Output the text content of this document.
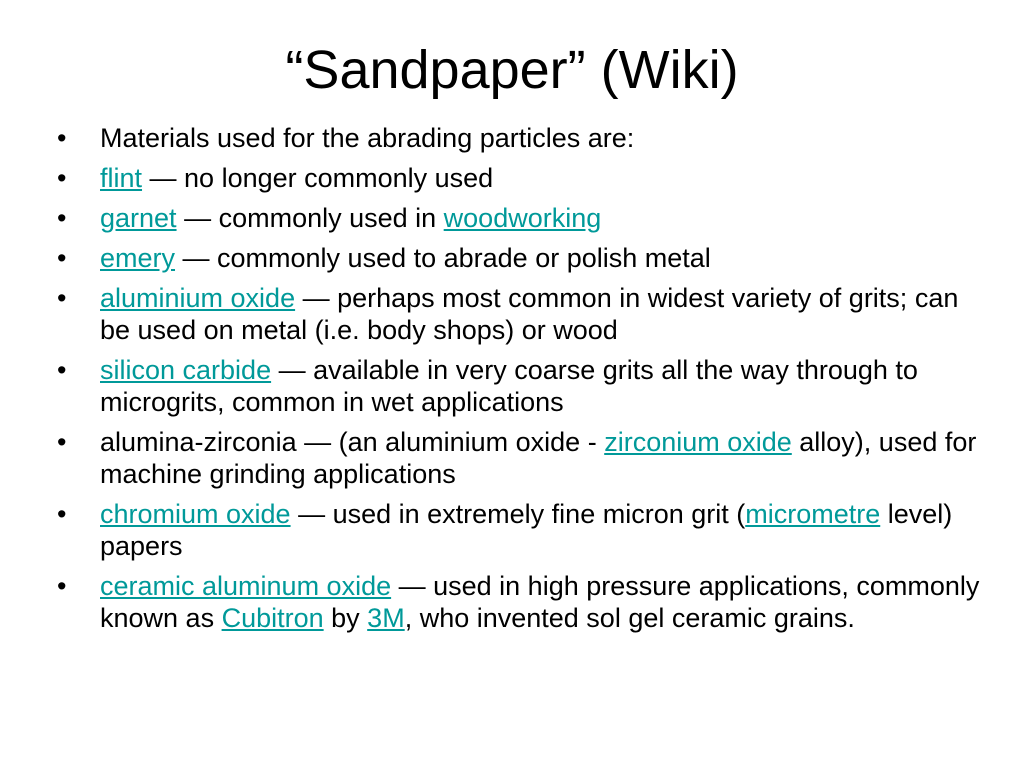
“Sandpaper” (Wiki)
•	Materials used for the abrading particles are:
•	flint — no longer commonly used
•	garnet — commonly used in woodworking
•	emery — commonly used to abrade or polish metal
•	aluminium oxide — perhaps most common in widest variety of grits; can be used on metal (i.e. body shops) or wood
•	silicon carbide — available in very coarse grits all the way through to microgrits, common in wet applications
•	alumina-zirconia — (an aluminium oxide - zirconium oxide alloy), used for machine grinding applications
•	chromium oxide — used in extremely fine micron grit (micrometre level) papers
•	ceramic aluminum oxide — used in high pressure applications, commonly known as Cubitron by 3M, who invented sol gel ceramic grains.
